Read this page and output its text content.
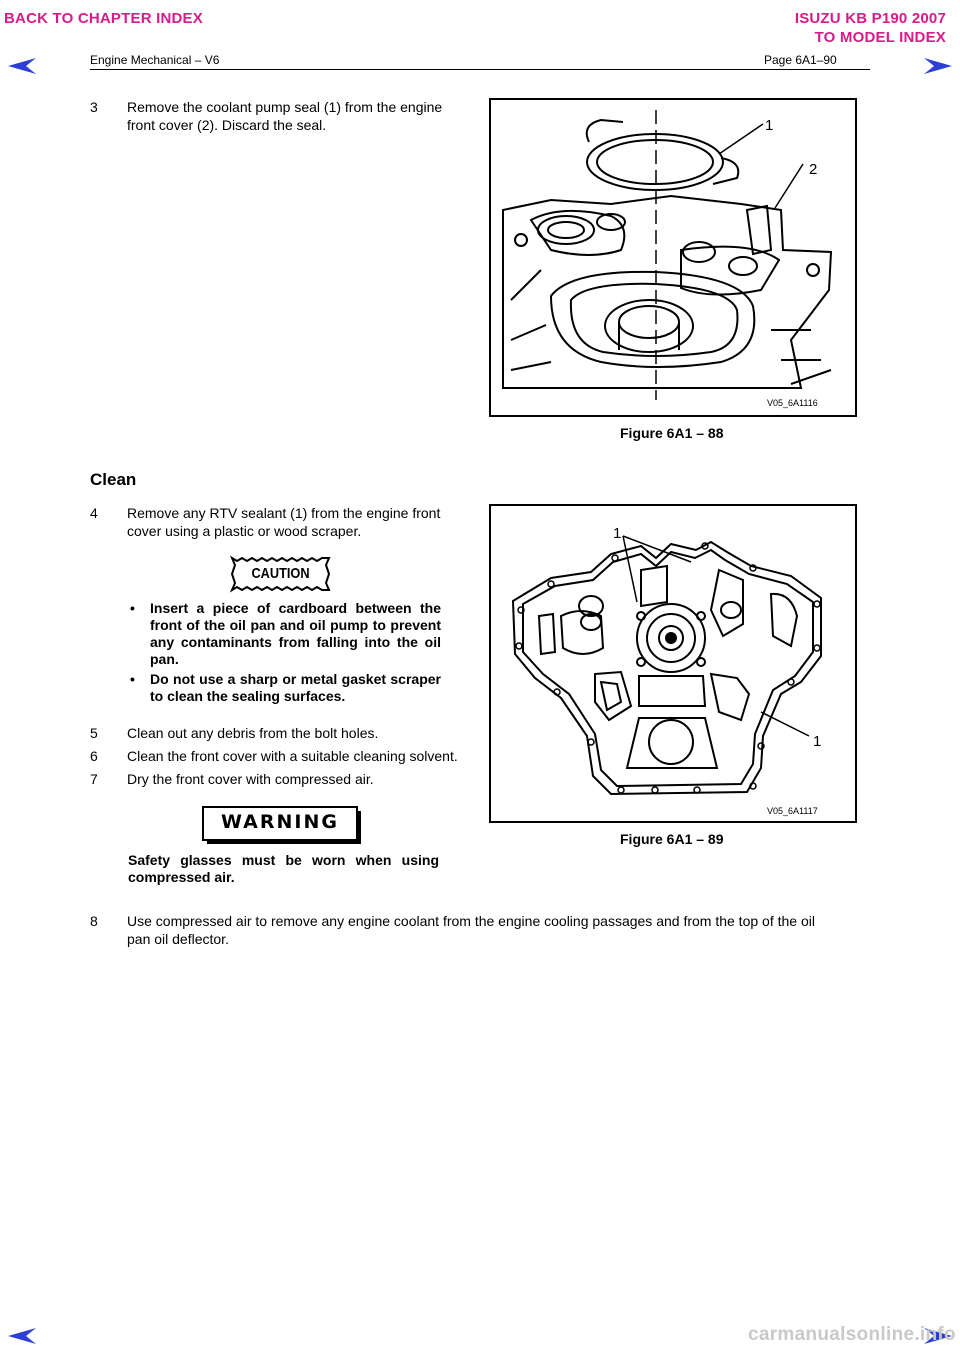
BACK TO CHAPTER INDEX	ISUZU KB P190 2007
TO MODEL INDEX
Engine Mechanical – V6	Page 6A1–90
3	Remove the coolant pump seal (1) from the engine
front cover (2). Discard the seal.	1
2
V05_6A1116
Figure 6A1 – 88
Clean
4	Remove any RTV sealant (1) from the engine front
cover using a plastic or wood scraper.
CAUTION
• Insert a piece of cardboard between the front of the oil pan and oil pump to prevent any contaminants from falling into the oil pan.
• Do not use a sharp or metal gasket scraper to clean the sealing surfaces.
5	Clean out any debris from the bolt holes.
6	Clean the front cover with a suitable cleaning solvent.
7	Dry the front cover with compressed air.
WARNING
Safety glasses must be worn when using compressed air.
1
1
V05_6A1117
Figure 6A1 – 89
8	Use compressed air to remove any engine coolant from the engine cooling passages and from the top of the oil
pan oil deflector.
carmanualsonline.info
